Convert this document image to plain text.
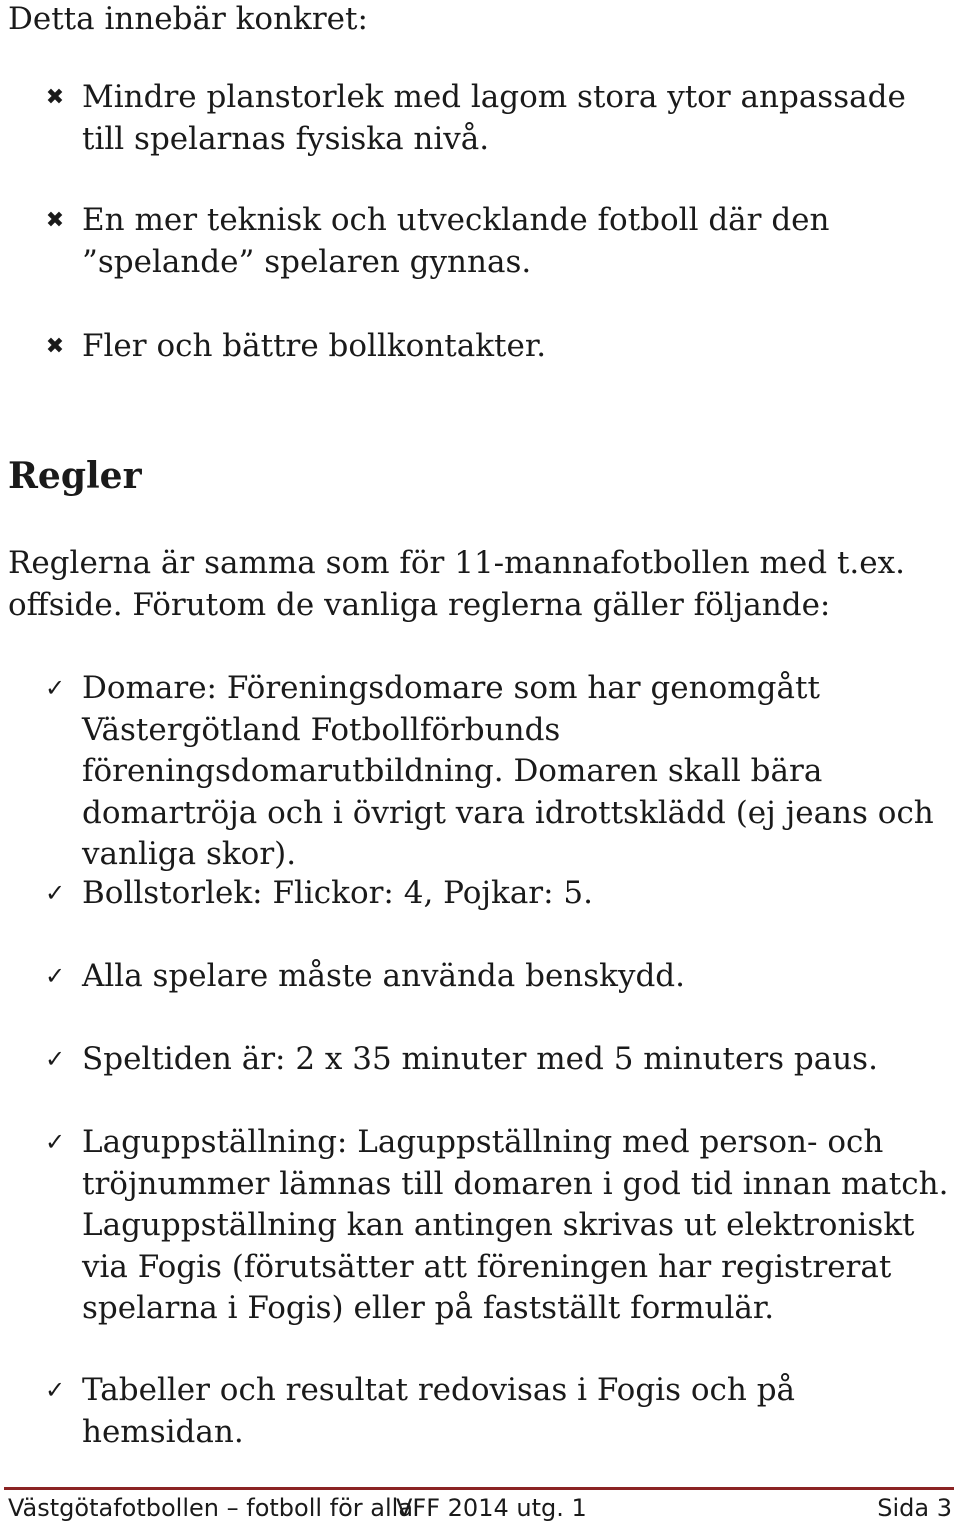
Detta innebär konkret:
✖ Mindre planstorlek med lagom stora ytor anpassade till spelarnas fysiska nivå.
✖ En mer teknisk och utvecklande fotboll där den ”spelande” spelaren gynnas.
✖ Fler och bättre bollkontakter.
Regler
Reglerna är samma som för 11-mannafotbollen med t.ex. offside. Förutom de vanliga reglerna gäller följande:
✓ Domare: Föreningsdomare som har genomgått Västergötland Fotbollförbunds föreningsdomarutbildning. Domaren skall bära domartröja och i övrigt vara idrottsklädd (ej jeans och vanliga skor).
✓ Bollstorlek: Flickor: 4, Pojkar: 5.
✓ Alla spelare måste använda benskydd.
✓ Speltiden är: 2 x 35 minuter med 5 minuters paus.
✓ Laguppställning: Laguppställning med person- och tröjnummer lämnas till domaren i god tid innan match. Laguppställning kan antingen skrivas ut elektroniskt via Fogis (förutsätter att föreningen har registrerat spelarna i Fogis) eller på fastställt formulär.
✓ Tabeller och resultat redovisas i Fogis och på hemsidan.
Västgötafotbollen – fotboll för alla
VFF 2014 utg. 1	Sida 3
